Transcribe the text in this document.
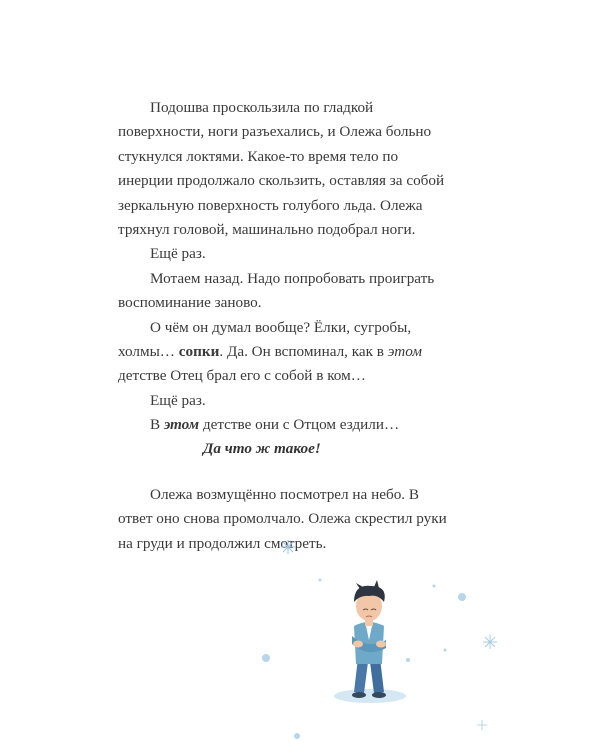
Подошва проскользила по гладкой поверхности, ноги разъехались, и Олежа больно стукнулся локтями. Какое-то время тело по инерции продолжало скользить, оставляя за собой зеркальную поверхность голубого льда. Олежа тряхнул головой, машинально подобрал ноги.

Ещё раз.

Мотаем назад. Надо попробовать проиграть воспоминание заново.

О чём он думал вообще? Ёлки, сугробы, холмы… сопки. Да. Он вспоминал, как в этом детстве Отец брал его с собой в ком…

Ещё раз.

В этом детстве они с Отцом ездили…

Да что ж такое!

Олежа возмущённо посмотрел на небо. В ответ оно снова промолчало. Олежа скрестил руки на груди и продолжил смотреть.
